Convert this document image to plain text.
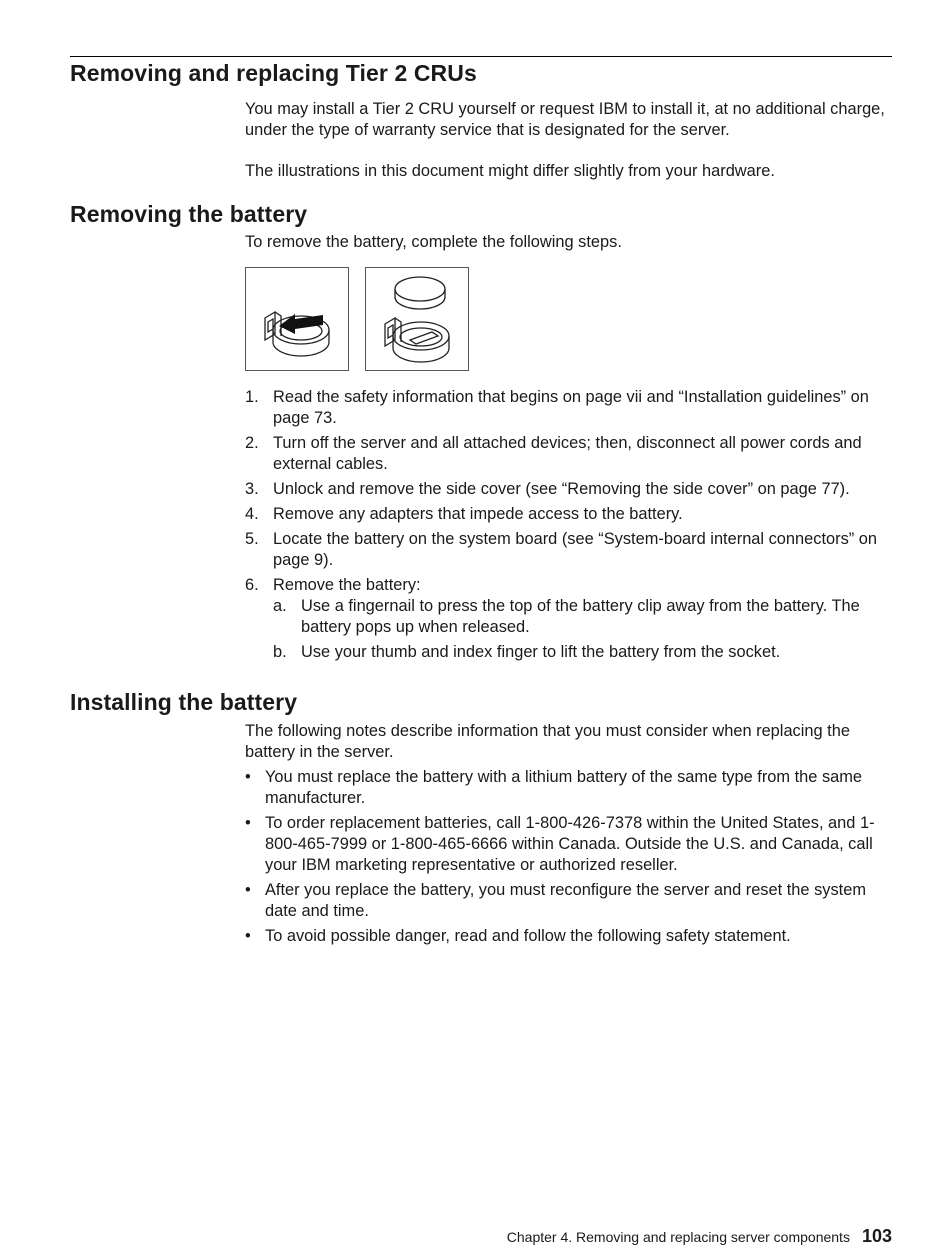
Removing and replacing Tier 2 CRUs

You may install a Tier 2 CRU yourself or request IBM to install it, at no additional charge, under the type of warranty service that is designated for the server.

The illustrations in this document might differ slightly from your hardware.

Removing the battery
To remove the battery, complete the following steps.
1. Read the safety information that begins on page vii and “Installation guidelines” on page 73.
2. Turn off the server and all attached devices; then, disconnect all power cords and external cables.
3. Unlock and remove the side cover (see “Removing the side cover” on page 77).
4. Remove any adapters that impede access to the battery.
5. Locate the battery on the system board (see “System-board internal connectors” on page 9).
6. Remove the battery:
a. Use a fingernail to press the top of the battery clip away from the battery. The battery pops up when released.
b. Use your thumb and index finger to lift the battery from the socket.
Installing the battery

The following notes describe information that you must consider when replacing the battery in the server.

• You must replace the battery with a lithium battery of the same type from the same manufacturer.
• To order replacement batteries, call 1-800-426-7378 within the United States, and 1-800-465-7999 or 1-800-465-6666 within Canada. Outside the U.S. and Canada, call your IBM marketing representative or authorized reseller.
• After you replace the battery, you must reconfigure the server and reset the system date and time.
• To avoid possible danger, read and follow the following safety statement.
Chapter 4. Removing and replacing server components 103
